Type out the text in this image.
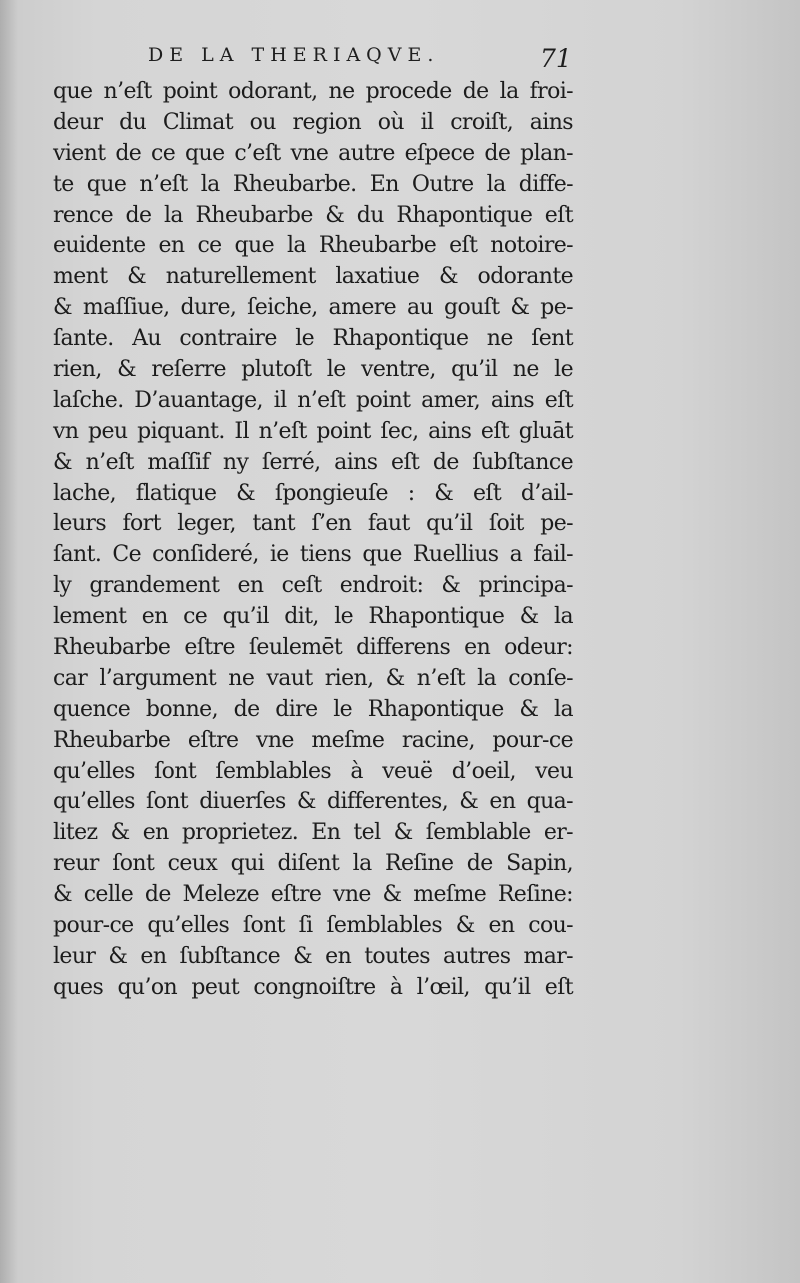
DE LA THERIAQVE.	71
que n’eſt point odorant, ne procede de la froi-
deur du Climat ou region où il croiſt, ains
vient de ce que c’eſt vne autre eſpece de plan-
te que n’eſt la Rheubarbe. En Outre la diffe-
rence de la Rheubarbe & du Rhapontique eſt
euidente en ce que la Rheubarbe eſt notoire-
ment & naturellement laxatiue & odorante
& maſſiue, dure, ſeiche, amere au gouſt & pe-
ſante. Au contraire le Rhapontique ne ſent
rien, & reſerre plutoſt le ventre, qu’il ne le
laſche. D’auantage, il n’eſt point amer, ains eſt
vn peu piquant. Il n’eſt point ſec, ains eſt gluāt
& n’eſt maſſif ny ſerré, ains eſt de ſubſtance
lache, flatique & ſpongieuſe : & eſt d’ail-
leurs fort leger, tant ſ’en faut qu’il ſoit pe-
ſant. Ce conſideré, ie tiens que Ruellius a fail-
ly grandement en ceſt endroit: & principa-
lement en ce qu’il dit, le Rhapontique & la
Rheubarbe eſtre ſeulemēt differens en odeur:
car l’argument ne vaut rien, & n’eſt la conſe-
quence bonne, de dire le Rhapontique & la
Rheubarbe eſtre vne meſme racine, pour-ce
qu’elles ſont ſemblables à veuë d’oeil, veu
qu’elles ſont diuerſes & differentes, & en qua-
litez & en proprietez. En tel & ſemblable er-
reur ſont ceux qui diſent la Reſine de Sapin,
& celle de Meleze eſtre vne & meſme Reſine:
pour-ce qu’elles ſont ſi ſemblables & en cou-
leur & en ſubſtance & en toutes autres mar-
ques qu’on peut congnoiſtre à l’œil, qu’il eſt
